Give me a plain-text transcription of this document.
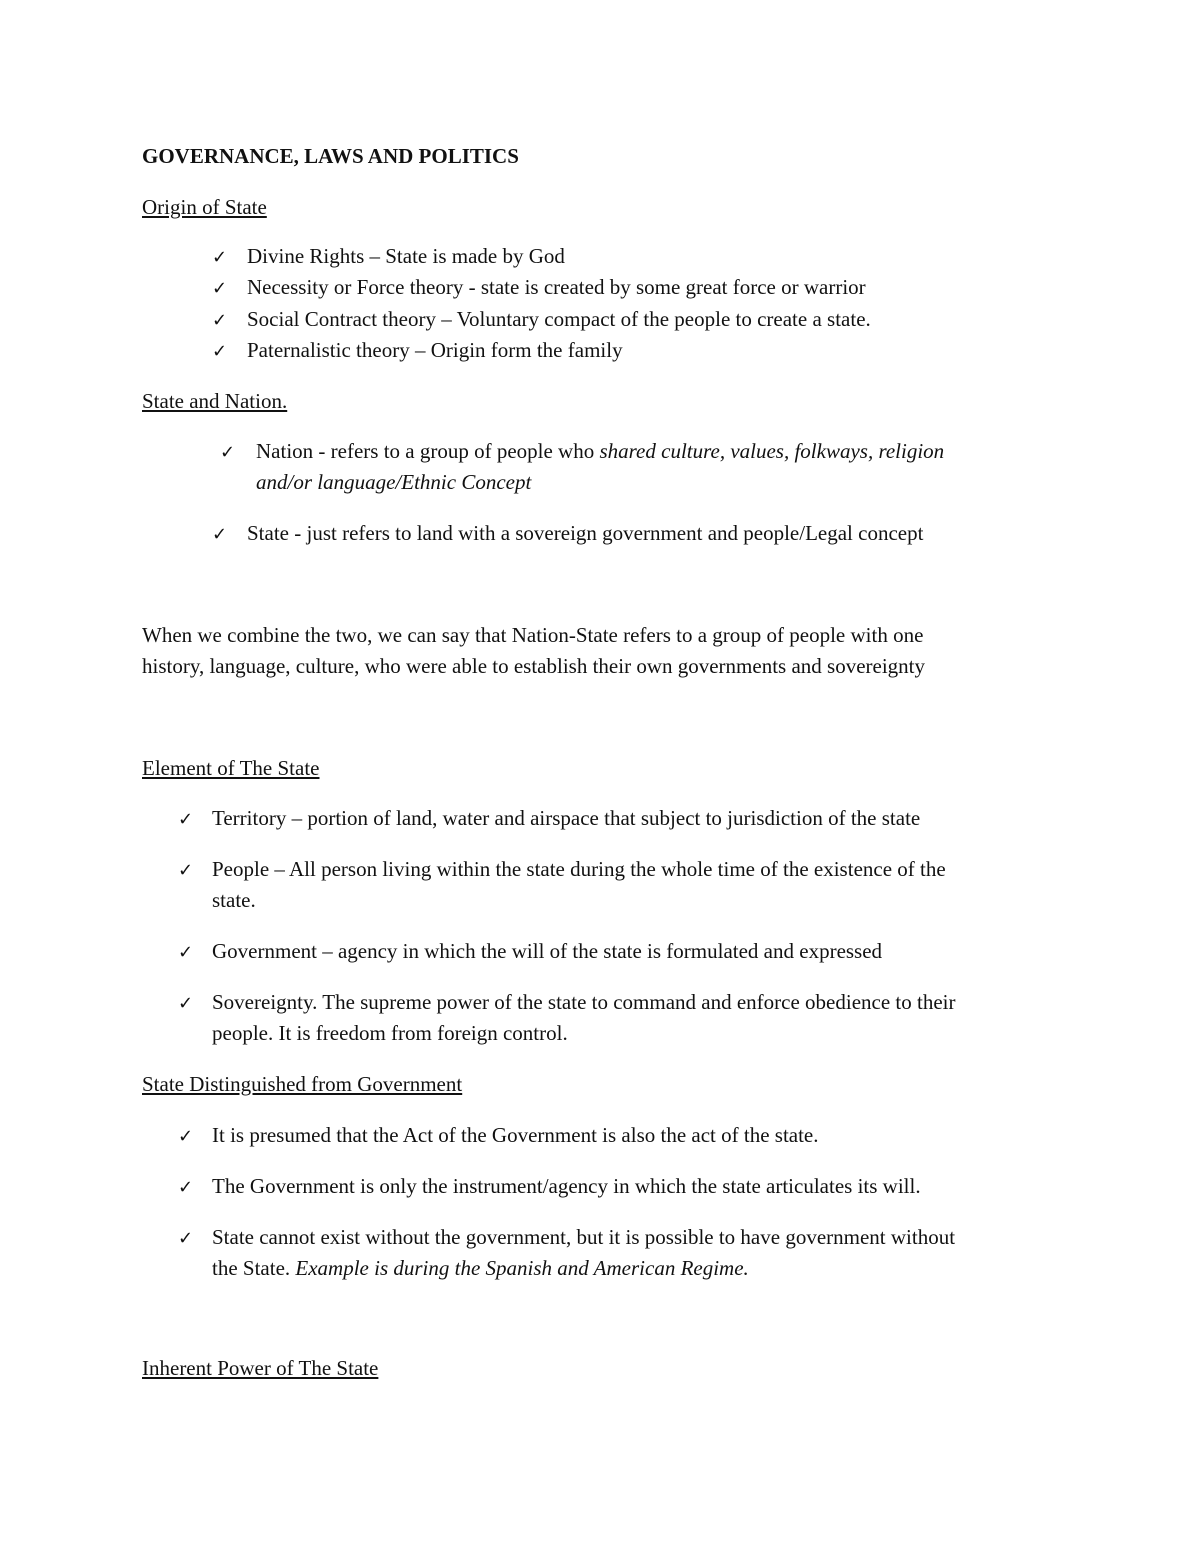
GOVERNANCE, LAWS AND POLITICS
Origin of State
✓ Divine Rights – State is made by God
✓ Necessity or Force theory - state is created by some great force or warrior
✓ Social Contract theory – Voluntary compact of the people to create a state.
✓ Paternalistic theory – Origin form the family
State and Nation.
✓ Nation - refers to a group of people who shared culture, values, folkways, religion
and/or language/Ethnic Concept
✓ State - just refers to land with a sovereign government and people/Legal concept
When we combine the two, we can say that Nation-State refers to a group of people with one
history, language, culture, who were able to establish their own governments and sovereignty
Element of The State
✓ Territory – portion of land, water and airspace that subject to jurisdiction of the state
✓ People – All person living within the state during the whole time of the existence of the
state.
✓ Government – agency in which the will of the state is formulated and expressed
✓ Sovereignty. The supreme power of the state to command and enforce obedience to their
people. It is freedom from foreign control.
State Distinguished from Government
✓ It is presumed that the Act of the Government is also the act of the state.
✓ The Government is only the instrument/agency in which the state articulates its will.
✓ State cannot exist without the government, but it is possible to have government without
the State. Example is during the Spanish and American Regime.
Inherent Power of The State
